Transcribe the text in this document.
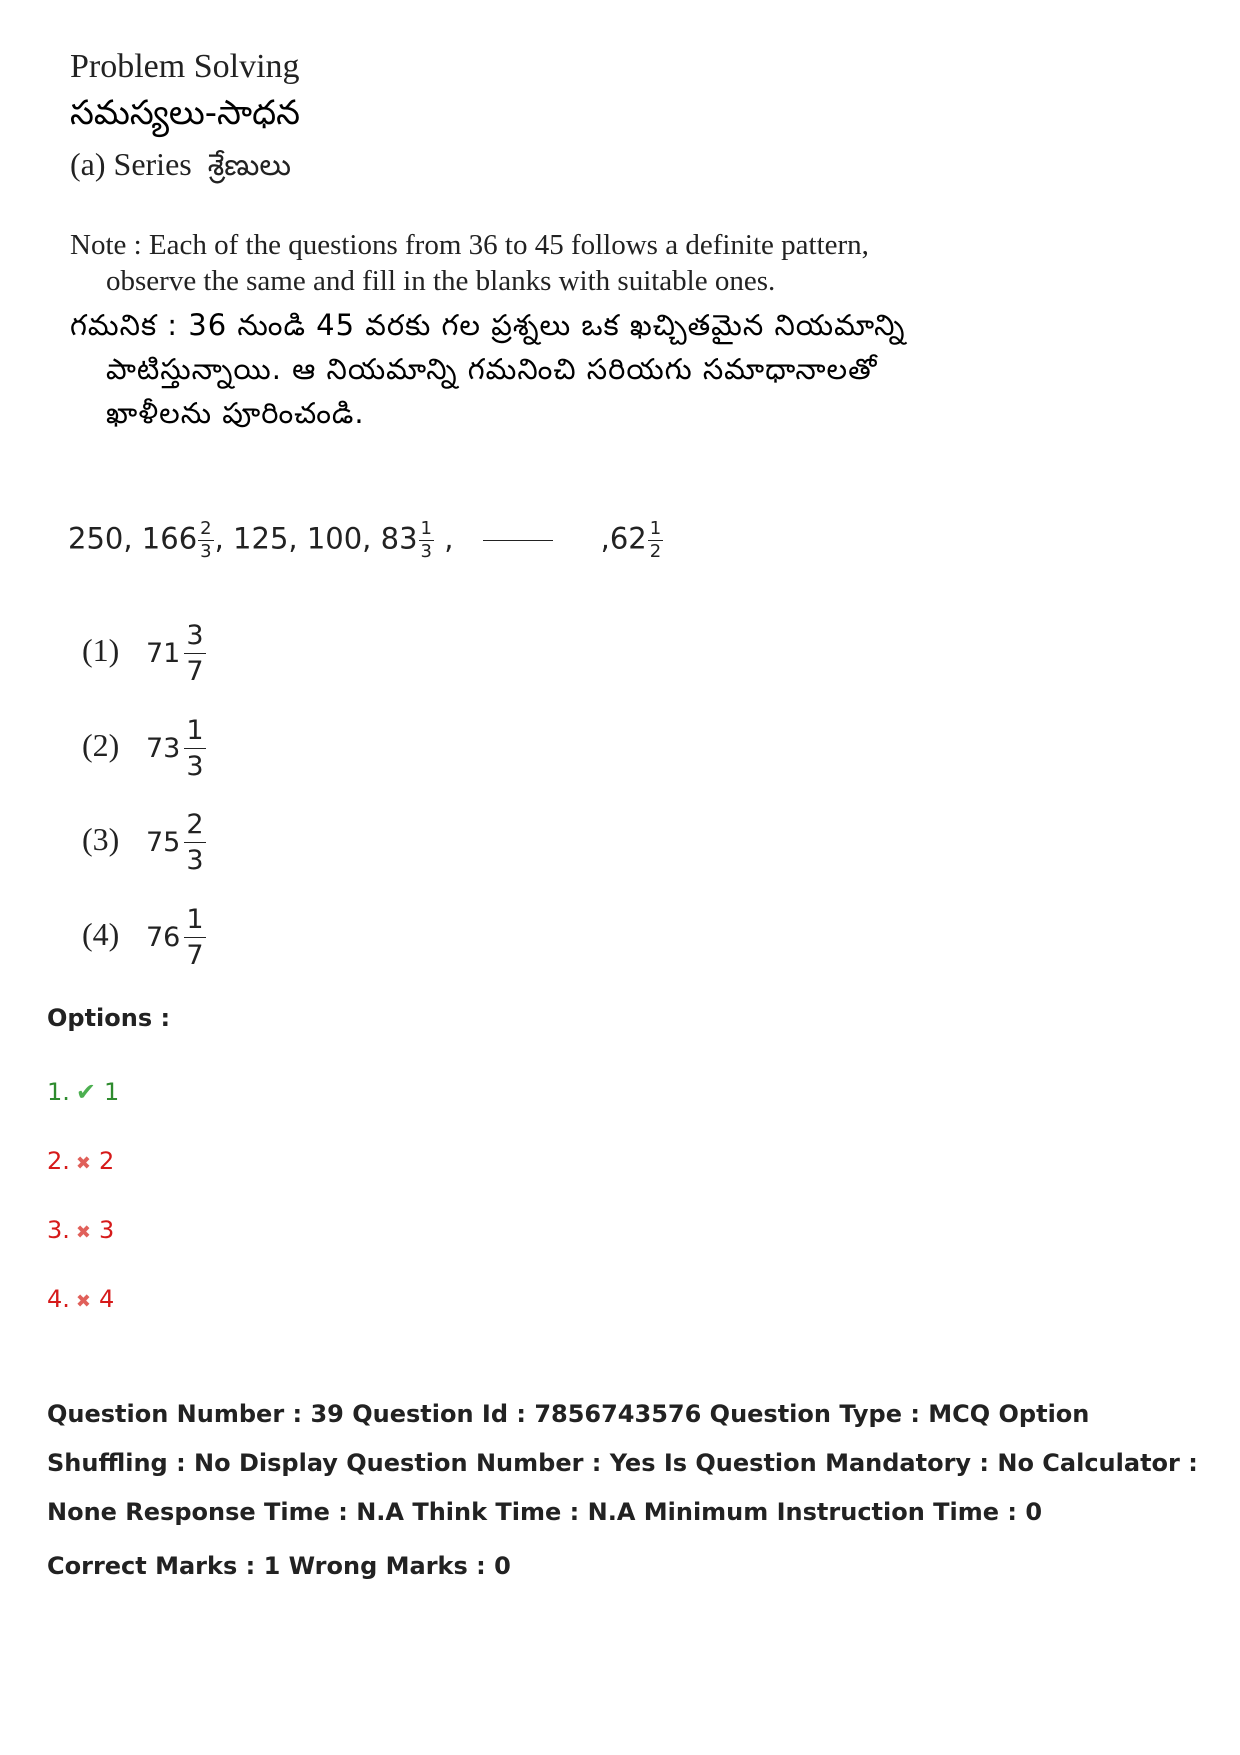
Problem Solving
సమస్యలు-సాధన
(a) Series శ్రేణులు
Note : Each of the questions from 36 to 45 follows a definite pattern, observe the same and fill in the blanks with suitable ones.
గమనిక : 36 నుండి 45 వరకు గల ప్రశ్నలు ఒక ఖచ్చితమైన నియమాన్ని పాటిస్తున్నాయి. ఆ నియమాన్ని గమనించి సరియగు సమాధానాలతో ఖాళీలను పూరించండి.
250, $166 \frac{2}{3}$ , 125, 100, $83 \frac{1}{3}$ ,	$,62 \frac{1}{2}$
(1) $71 \frac{3}{7}$
(2) $73 \frac{1}{3}$
(3) $75 \frac{2}{3}$
(4) $76 \frac{1}{7}$
Options :
1. ✔ 1
2. ✖ 2
3. ✖ 3
4. ✖ 4
Question Number : 39 Question Id : 7856743576 Question Type : MCQ Option Shuffling : No Display Question Number : Yes Is Question Mandatory : No Calculator : None Response Time : N.A Think Time : N.A Minimum Instruction Time : 0
Correct Marks : 1 Wrong Marks : 0
